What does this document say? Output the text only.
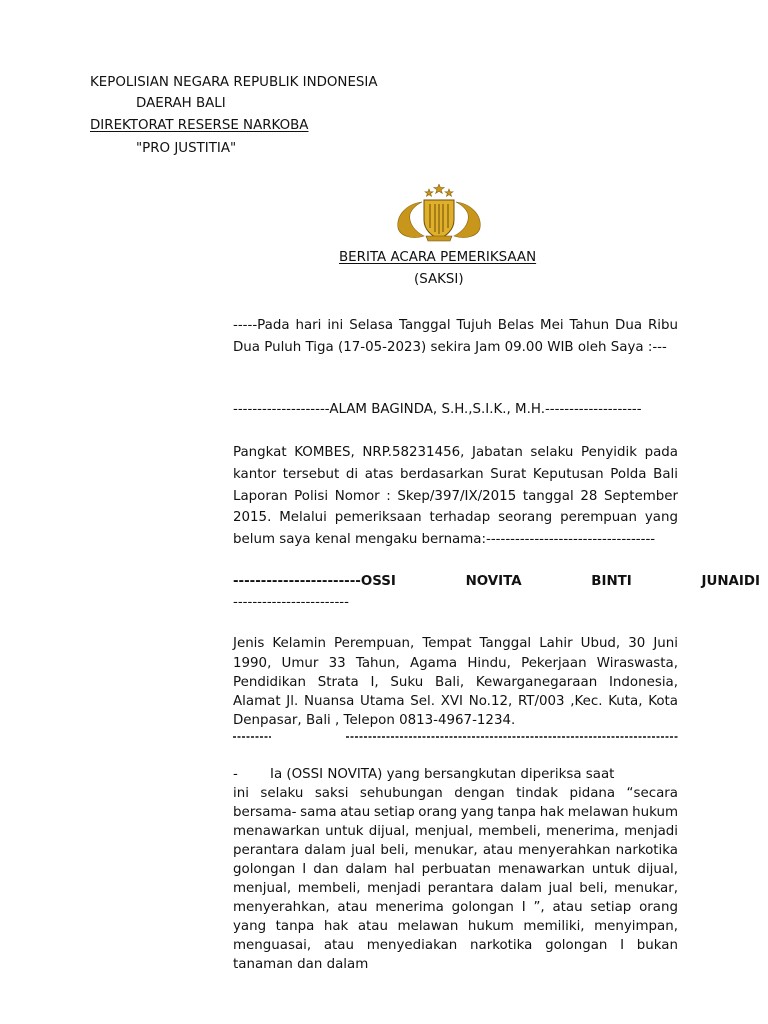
KEPOLISIAN NEGARA REPUBLIK INDONESIA
DAERAH BALI
DIREKTORAT RESERSE NARKOBA
"PRO JUSTITIA"
BERITA ACARA PEMERIKSAAN
(SAKSI)
-----Pada hari ini Selasa Tanggal Tujuh Belas Mei Tahun Dua Ribu
Dua Puluh Tiga (17-05-2023) sekira Jam 09.00 WIB oleh Saya :---
--------------------ALAM BAGINDA, S.H.,S.I.K., M.H.--------------------
Pangkat KOMBES, NRP.58231456, Jabatan selaku Penyidik pada
kantor tersebut di atas berdasarkan Surat Keputusan Polda Bali
Laporan Polisi Nomor : Skep/397/IX/2015 tanggal 28 September
2015. Melalui pemeriksaan terhadap seorang perempuan yang
belum saya kenal mengaku bernama:-----------------------------------
-----------------------OSSI	NOVITA	BINTI	JUNAIDI
------------------------
Jenis Kelamin Perempuan, Tempat Tanggal Lahir Ubud, 30 Juni
1990, Umur 33 Tahun, Agama Hindu, Pekerjaan Wiraswasta,
Pendidikan Strata I, Suku Bali, Kewarganegaraan Indonesia,
Alamat Jl. Nuansa Utama Sel. XVI No.12, RT/003 ,Kec. Kuta, Kota
Denpasar, Bali , Telepon 0813-4967-1234.
- Ia (OSSI NOVITA) yang bersangkutan diperiksa saat
ini selaku saksi sehubungan dengan tindak pidana “secara
bersama- sama atau setiap orang yang tanpa hak melawan hukum
menawarkan untuk dijual, menjual, membeli, menerima, menjadi
perantara dalam jual beli, menukar, atau menyerahkan narkotika
golongan I dan dalam hal perbuatan menawarkan untuk dijual,
menjual, membeli, menjadi perantara dalam jual beli, menukar,
menyerahkan, atau menerima golongan I ”, atau setiap orang
yang tanpa hak atau melawan hukum memiliki, menyimpan,
menguasai, atau menyediakan narkotika golongan I bukan
tanaman dan dalam
